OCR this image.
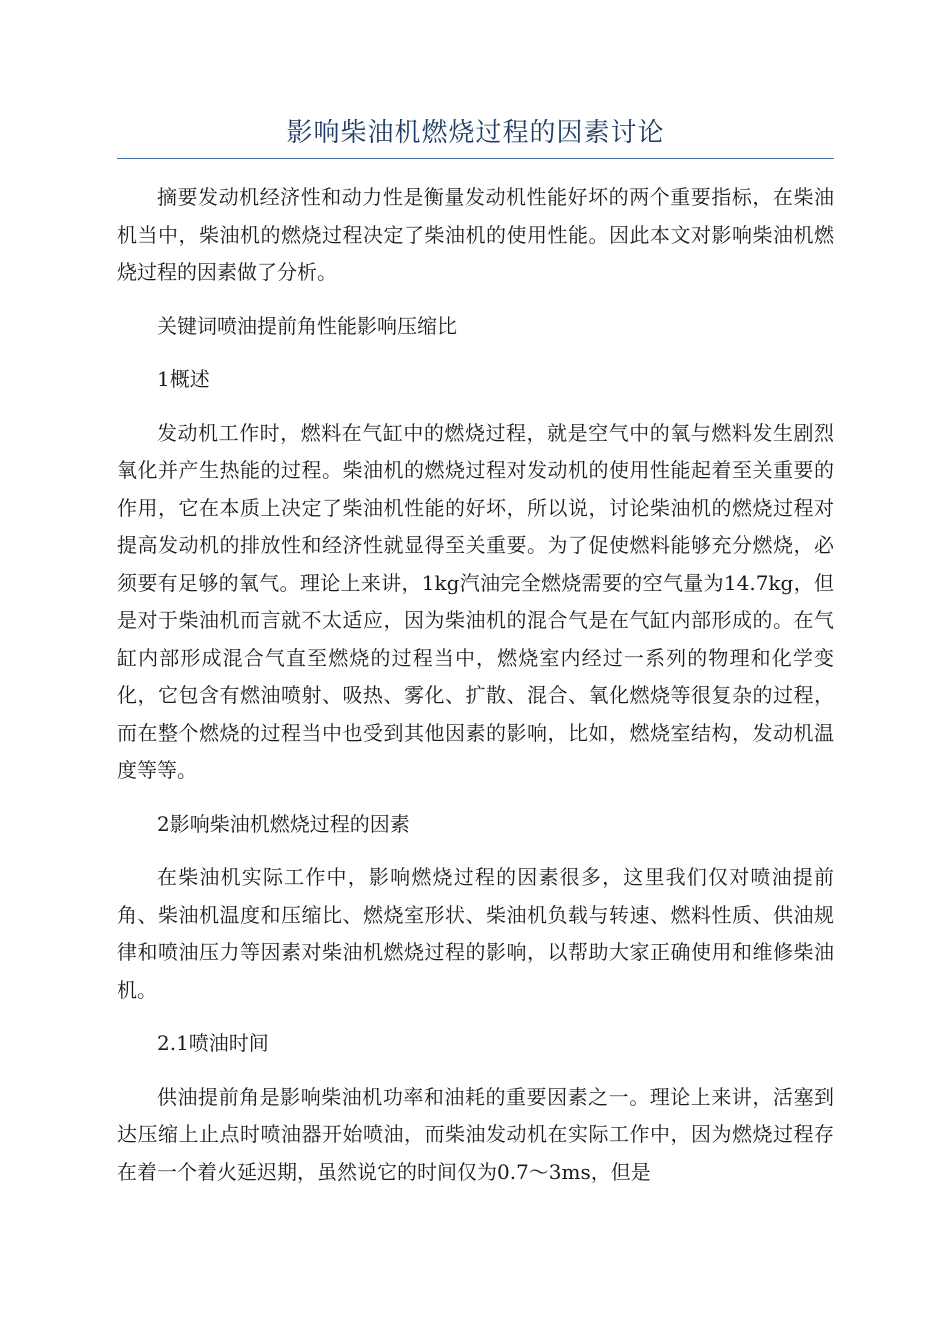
影响柴油机燃烧过程的因素讨论

摘要发动机经济性和动力性是衡量发动机性能好坏的两个重要指标，在柴油机当中，柴油机的燃烧过程决定了柴油机的使用性能。因此本文对影响柴油机燃烧过程的因素做了分析。

关键词喷油提前角性能影响压缩比

1概述

发动机工作时，燃料在气缸中的燃烧过程，就是空气中的氧与燃料发生剧烈氧化并产生热能的过程。柴油机的燃烧过程对发动机的使用性能起着至关重要的作用，它在本质上决定了柴油机性能的好坏，所以说，讨论柴油机的燃烧过程对提高发动机的排放性和经济性就显得至关重要。为了促使燃料能够充分燃烧，必须要有足够的氧气。理论上来讲，1kg汽油完全燃烧需要的空气量为14.7kg，但是对于柴油机而言就不太适应，因为柴油机的混合气是在气缸内部形成的。在气缸内部形成混合气直至燃烧的过程当中，燃烧室内经过一系列的物理和化学变化，它包含有燃油喷射、吸热、雾化、扩散、混合、氧化燃烧等很复杂的过程，而在整个燃烧的过程当中也受到其他因素的影响，比如，燃烧室结构，发动机温度等等。

2影响柴油机燃烧过程的因素

在柴油机实际工作中，影响燃烧过程的因素很多，这里我们仅对喷油提前角、柴油机温度和压缩比、燃烧室形状、柴油机负载与转速、燃料性质、供油规律和喷油压力等因素对柴油机燃烧过程的影响，以帮助大家正确使用和维修柴油机。

2.1喷油时间

供油提前角是影响柴油机功率和油耗的重要因素之一。理论上来讲，活塞到达压缩上止点时喷油器开始喷油，而柴油发动机在实际工作中，因为燃烧过程存在着一个着火延迟期，虽然说它的时间仅为0.7～3ms，但是
